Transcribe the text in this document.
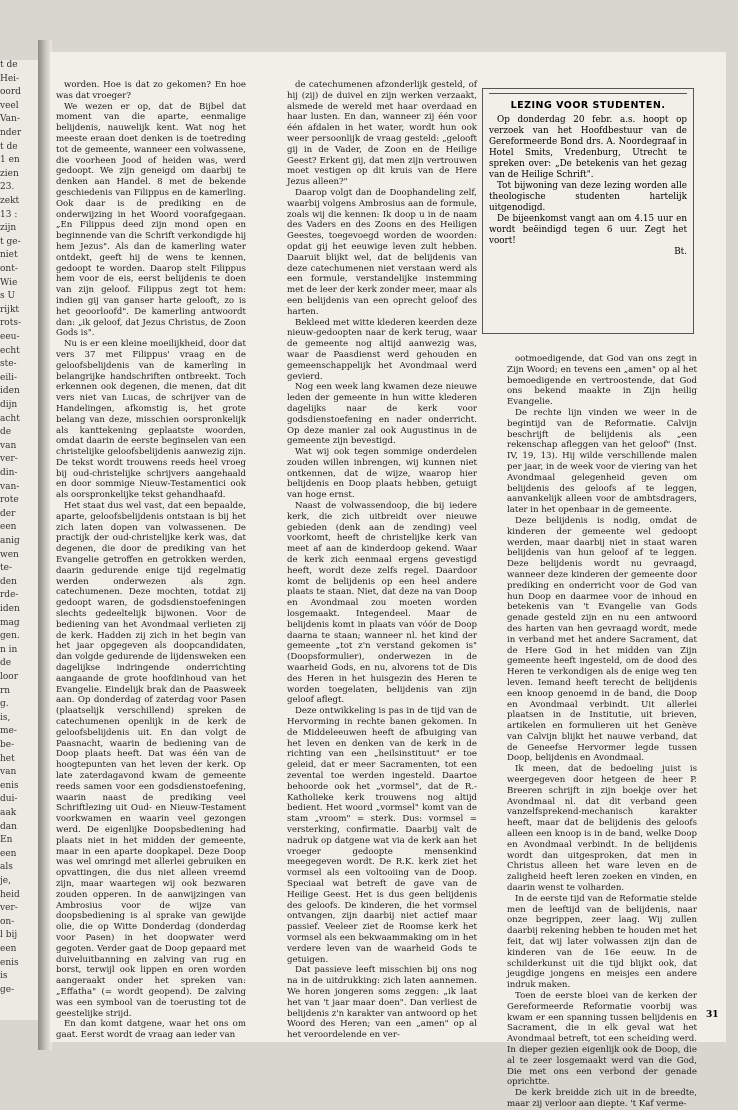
t de
Hei-
oord
veel
Van-
nder
t de
1 en
zien
23.
zekt
13 :
zijn
t ge-
niet
ont-
Wie
s U
rijkt
rots-
eeu-
echt
ste-
eili-
iden
dijn
acht
de
van
ver-
din-
van-
rote
der
een
anig
wen
te-
den
rde-
iden
mag
gen.
n in
de
loor
rn
g.
is,
me-
be-
het
van
enis
dui-
aak
dan
En
een
als
je,
heid
ver-
on-
l bij
een
enis
is
ge-

worden. Hoe is dat zo gekomen? En hoe was dat vroeger?

We wezen er op, dat de Bijbel dat moment van die aparte, eenmalige belijdenis, nauwelijk kent. Wat nog het meeste eraan doet denken is de toetreding tot de gemeente, wanneer een volwassene, die voorheen Jood of heiden was, werd gedoopt. We zijn geneigd om daarbij te denken aan Handel. 8 met de bekende geschiedenis van Filippus en de kamerling. Ook daar is de prediking en de onderwijzing in het Woord voorafgegaan. „En Filippus deed zijn mond open en beginnende van die Schrift verkondigde hij hem Jezus". Als dan de kamerling water ontdekt, geeft hij de wens te kennen, gedoopt te worden. Daarop stelt Filippus hem voor de eis, eerst belijdenis te doen van zijn geloof. Filippus zegt tot hem: indien gij van ganser harte gelooft, zo is het geoorloofd". De kamerling antwoordt dan: „ik geloof, dat Jezus Christus, de Zoon Gods is".

Nu is er een kleine moeilijkheid, door dat vers 37 met Filippus' vraag en de geloofsbelijdenis van de kamerling in belangrijke handschriften ontbreekt. Toch erkennen ook degenen, die menen, dat dit vers niet van Lucas, de schrijver van de Handelingen, afkomstig is, het grote belang van deze, misschien oorspronkelijk als kanttekening geplaatste woorden, omdat daarin de eerste beginselen van een christelijke geloofsbelijdenis aanwezig zijn. De tekst wordt trouwens reeds heel vroeg bij oud-christelijke schrijvers aangehaald en door sommige Nieuw-Testamentici ook als oorspronkelijke tekst gehandhaafd.

Het staat dus wel vast, dat een bepaalde, aparte, geloofsbelijdenis ontstaan is bij het zich laten dopen van volwassenen. De practijk der oud-christelijke kerk was, dat degenen, die door de prediking van het Evangelie getroffen en getrokken werden, daarin gedurende enige tijd regelmatig werden onderwezen als zgn. catechumenen. Deze mochten, totdat zij gedoopt waren, de godsdienstoefeningen slechts gedeeltelijk bijwonen. Voor de bediening van het Avondmaal verlieten zij de kerk. Hadden zij zich in het begin van het jaar opgegeven als doopcandidaten, dan volgde gedurende de lijdensweken een dagelijkse indringende onderrichting aangaande de grote hoofdinhoud van het Evangelie. Eindelijk brak dan de Paasweek aan. Op donderdag of zaterdag voor Pasen (plaatselijk verschillend) spreken de catechumenen openlijk in de kerk de geloofsbelijdenis uit. En dan volgt de Paasnacht, waarin de bediening van de Doop plaats heeft. Dat was één van de hoogtepunten van het leven der kerk. Op late zaterdagavond kwam de gemeente reeds samen voor een godsdienstoefening, waarin naast de prediking veel Schriftlezing uit Oud- en Nieuw-Testament voorkwamen en waarin veel gezongen werd. De eigenlijke Doopsbediening had plaats niet in het midden der gemeente, maar in een aparte doopkapel. Deze Doop was wel omringd met allerlei gebruiken en opvattingen, die dus niet alleen vreemd zijn, maar waartegen wij ook bezwaren zouden opperen. In de aanwijzingen van Ambrosius voor de wijze van doopsbediening is al sprake van gewijde olie, die op Witte Donderdag (donderdag voor Pasen) in het doopwater werd gegoten. Verder gaat de Doop gepaard met duiveluitbanning en zalving van rug en borst, terwijl ook lippen en oren worden aangeraakt onder het spreken van: „Effatha" (= wordt geopend). De zalving was een symbool van de toerusting tot de geestelijke strijd.

En dan komt datgene, waar het ons om gaat. Eerst wordt de vraag aan ieder van

de catechumenen afzonderlijk gesteld, of hij (zij) de duivel en zijn werken verzaakt, alsmede de wereld met haar overdaad en haar lusten. En dan, wanneer zij één voor één afdalen in het water, wordt hun ook weer persoonlijk de vraag gesteld: „gelooft gij in de Vader, de Zoon en de Heilige Geest? Erkent gij, dat men zijn vertrouwen moet vestigen op dit kruis van de Here Jezus alleen?"

Daarop volgt dan de Doophandeling zelf, waarbij volgens Ambrosius aan de formule, zoals wij die kennen: Ik doop u in de naam des Vaders en des Zoons en des Heiligen Geestes, toegevoegd worden de woorden: opdat gij het eeuwige leven zult hebben. Daaruit blijkt wel, dat de belijdenis van deze catechumenen niet verstaan werd als een formule, verstandelijke instemming met de leer der kerk zonder meer, maar als een belijdenis van een oprecht geloof des harten.

Bekleed met witte klederen keerden deze nieuw-gedoopten naar de kerk terug, waar de gemeente nog altijd aanwezig was, waar de Paasdienst werd gehouden en gemeenschappelijk het Avondmaal werd gevierd.

Nog een week lang kwamen deze nieuwe leden der gemeente in hun witte klederen dagelijks naar de kerk voor godsdienstoefening en nader onderricht. Op deze manier zal ook Augustinus in de gemeente zijn bevestigd.

Wat wij ook tegen sommige onderdelen zouden willen inbrengen, wij kunnen niet ontkennen, dat de wijze, waarop hier belijdenis en Doop plaats hebben, getuigt van hoge ernst.

Naast de volwassendoop, die bij iedere kerk, die zich uitbreidt over nieuwe gebieden (denk aan de zending) veel voorkomt, heeft de christelijke kerk van meet af aan de kinderdoop gekend. Waar de kerk zich eenmaal ergens gevestigd heeft, wordt deze zelfs regel. Daardoor komt de belijdenis op een heel andere plaats te staan. Niet, dat deze na van Doop en Avondmaal zou moeten worden losgemaakt. Integendeel. Maar de belijdenis komt in plaats van vóór de Doop daarna te staan; wanneer nl. het kind der gemeente „tot z'n verstand gekomen is" (Doopsformulier), onderwezen in de waarheid Gods, en nu, alvorens tot de Dis des Heren in het huisgezin des Heren te worden toegelaten, belijdenis van zijn geloof aflegt.

Deze ontwikkeling is pas in de tijd van de Hervorming in rechte banen gekomen. In de Middeleeuwen heeft de afbuiging van het leven en denken van de kerk in de richting van een „heilsinstituut" er toe geleid, dat er meer Sacramenten, tot een zevental toe werden ingesteld. Daartoe behoorde ook het „vormsel", dat de R.-Katholieke kerk trouwens nog altijd bedient. Het woord „vormsel" komt van de stam „vroom" = sterk. Dus: vormsel = versterking, confirmatie. Daarbij valt de nadruk op datgene wat via de kerk aan het vroeger gedoopte mensenkind meegegeven wordt. De R.K. kerk ziet het vormsel als een voltooiing van de Doop. Speciaal wat betreft de gave van de Heilige Geest. Het is dus geen belijdenis des geloofs. De kinderen, die het vormsel ontvangen, zijn daarbij niet actief maar passief. Veeleer ziet de Roomse kerk het vormsel als een bekwaammaking om in het verdere leven van de waarheid Gods te getuigen.

Dat passieve leeft misschien bij ons nog na in de uitdrukking: zich laten aannemen. We horen jongeren soms zeggen: „ik laat het van 't jaar maar doen". Dan verliest de belijdenis z'n karakter van antwoord op het Woord des Heren; van een „amen" op al het veroordelende en ver-

LEZING VOOR STUDENTEN.

Op donderdag 20 febr. a.s. hoopt op verzoek van het Hoofdbestuur van de Gereformeerde Bond drs. A. Noordegraaf in Hotel Smits, Vredenburg, Utrecht te spreken over: „De betekenis van het gezag van de Heilige Schrift".

Tot bijwoning van deze lezing worden alle theologische studenten hartelijk uitgenodigd.

De bijeenkomst vangt aan om 4.15 uur en wordt beëindigd tegen 6 uur. Zegt het voort!

Bt.

ootmoedigende, dat God van ons zegt in Zijn Woord; en tevens een „amen" op al het bemoedigende en vertroostende, dat God ons bekend maakte in Zijn heilig Evangelie.

De rechte lijn vinden we weer in de begintijd van de Reformatie. Calvijn beschrijft de belijdenis als „een rekenschap afleggen van het geloof" (Inst. IV, 19, 13). Hij wilde verschillende malen per jaar, in de week voor de viering van het Avondmaal gelegenheid geven om belijdenis des geloofs af te leggen, aanvankelijk alleen voor de ambtsdragers, later in het openbaar in de gemeente.

Deze belijdenis is nodig, omdat de kinderen der gemeente wel gedoopt werden, maar daarbij niet in staat waren belijdenis van hun geloof af te leggen. Deze belijdenis wordt nu gevraagd, wanneer deze kinderen der gemeente door prediking en onderricht voor de God van hun Doop en daarmee voor de inhoud en betekenis van 't Evangelie van Gods genade gesteld zijn en nu een antwoord des harten van hen gevraagd wordt, mede in verband met het andere Sacrament, dat de Here God in het midden van Zijn gemeente heeft ingesteld, om de dood des Heren te verkondigen als de enige weg ten leven. Iemand heeft terecht de belijdenis een knoop genoemd in de band, die Doop en Avondmaal verbindt. Uit allerlei plaatsen in de Institutie, uit brieven, artikelen en formulieren uit het Genève van Calvijn blijkt het nauwe verband, dat de Geneefse Hervormer legde tussen Doop, belijdenis en Avondmaal.

Ik meen, dat de bedoeling juist is weergegeven door hetgeen de heer P. Breeren schrijft in zijn boekje over het Avondmaal nl. dat dit verband geen vanzelfsprekend-mechanisch karakter heeft, maar dat de belijdenis des geloofs alleen een knoop is in de band, welke Doop en Avondmaal verbindt. In de belijdenis wordt dan uitgesproken, dat men in Christus alleen het ware leven en de zaligheid heeft leren zoeken en vinden, en daarin wenst te volharden.

In de eerste tijd van de Reformatie stelde men de leeftijd van de belijdenis, naar onze begrippen, zeer laag. Wij zullen daarbij rekening hebben te houden met het feit, dat wij later volwassen zijn dan de kinderen van de 16e eeuw. In de schilderkunst uit die tijd blijkt ook, dat jeugdige jongens en meisjes een andere indruk maken.

Toen de eerste bloei van de kerken der Gereformeerde Reformatie voorbij was kwam er een spanning tussen belijdenis en Sacrament, die in elk geval wat het Avondmaal betreft, tot een scheiding werd. In dieper gezien eigenlijk ook de Doop, die al te zeer losgemaakt werd van die God, Die met ons een verbond der genade oprichtte.

De kerk breidde zich uit in de breedte, maar zij verloor aan diepte. 't Kaf verme-

31
